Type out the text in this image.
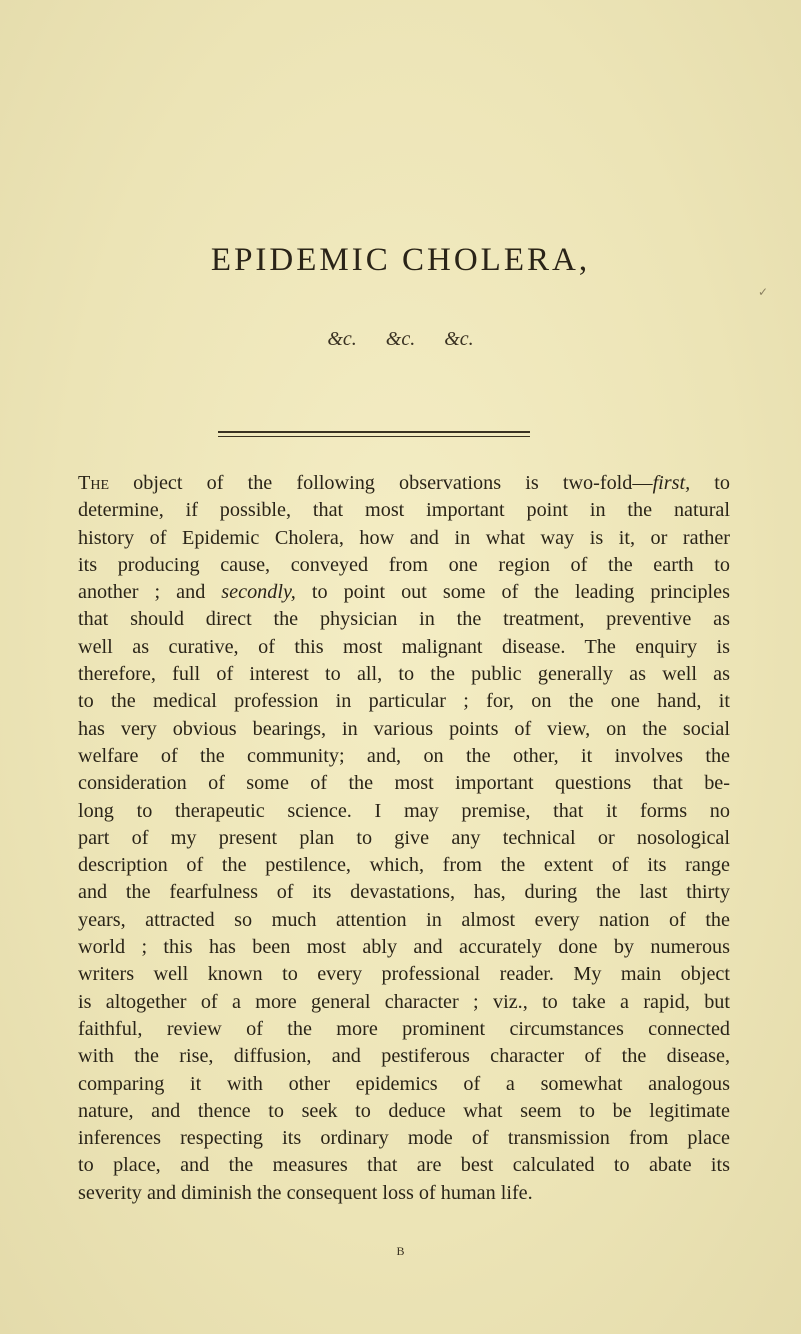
EPIDEMIC CHOLERA,
&c. &c. &c.
✓
The object of the following observations is two-fold—first, to
determine, if possible, that most important point in the natural
history of Epidemic Cholera, how and in what way is it, or rather
its producing cause, conveyed from one region of the earth to
another ; and secondly, to point out some of the leading principles
that should direct the physician in the treatment, preventive as
well as curative, of this most malignant disease. The enquiry is
therefore, full of interest to all, to the public generally as well as
to the medical profession in particular ; for, on the one hand, it
has very obvious bearings, in various points of view, on the social
welfare of the community; and, on the other, it involves the
consideration of some of the most important questions that be-
long to therapeutic science. I may premise, that it forms no
part of my present plan to give any technical or nosological
description of the pestilence, which, from the extent of its range
and the fearfulness of its devastations, has, during the last thirty
years, attracted so much attention in almost every nation of the
world ; this has been most ably and accurately done by numerous
writers well known to every professional reader. My main object
is altogether of a more general character ; viz., to take a rapid, but
faithful, review of the more prominent circumstances connected
with the rise, diffusion, and pestiferous character of the disease,
comparing it with other epidemics of a somewhat analogous
nature, and thence to seek to deduce what seem to be legitimate
inferences respecting its ordinary mode of transmission from place
to place, and the measures that are best calculated to abate its
severity and diminish the consequent loss of human life.
B
